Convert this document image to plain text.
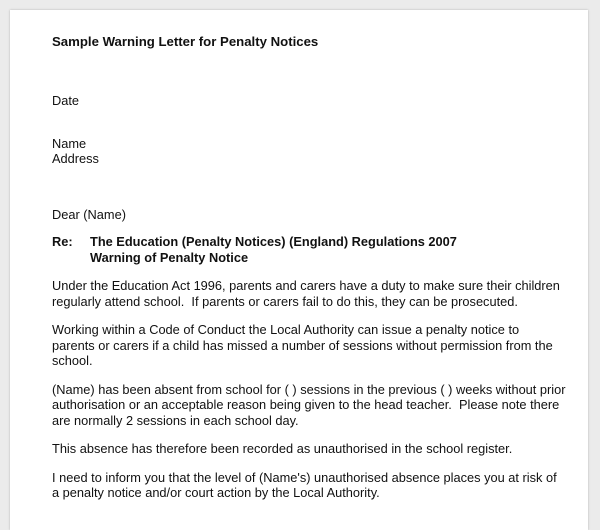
Sample Warning Letter for Penalty Notices

Date

Name

Address

Dear (Name)

Re:	The Education (Penalty Notices) (England) Regulations 2007
Warning of Penalty Notice
Under the Education Act 1996, parents and carers have a duty to make sure their children
regularly attend school.  If parents or carers fail to do this, they can be prosecuted.
Working within a Code of Conduct the Local Authority can issue a penalty notice to
parents or carers if a child has missed a number of sessions without permission from the
school.
(Name) has been absent from school for ( ) sessions in the previous ( ) weeks without prior
authorisation or an acceptable reason being given to the head teacher.  Please note there
are normally 2 sessions in each school day.
This absence has therefore been recorded as unauthorised in the school register.
I need to inform you that the level of (Name's) unauthorised absence places you at risk of
a penalty notice and/or court action by the Local Authority.
